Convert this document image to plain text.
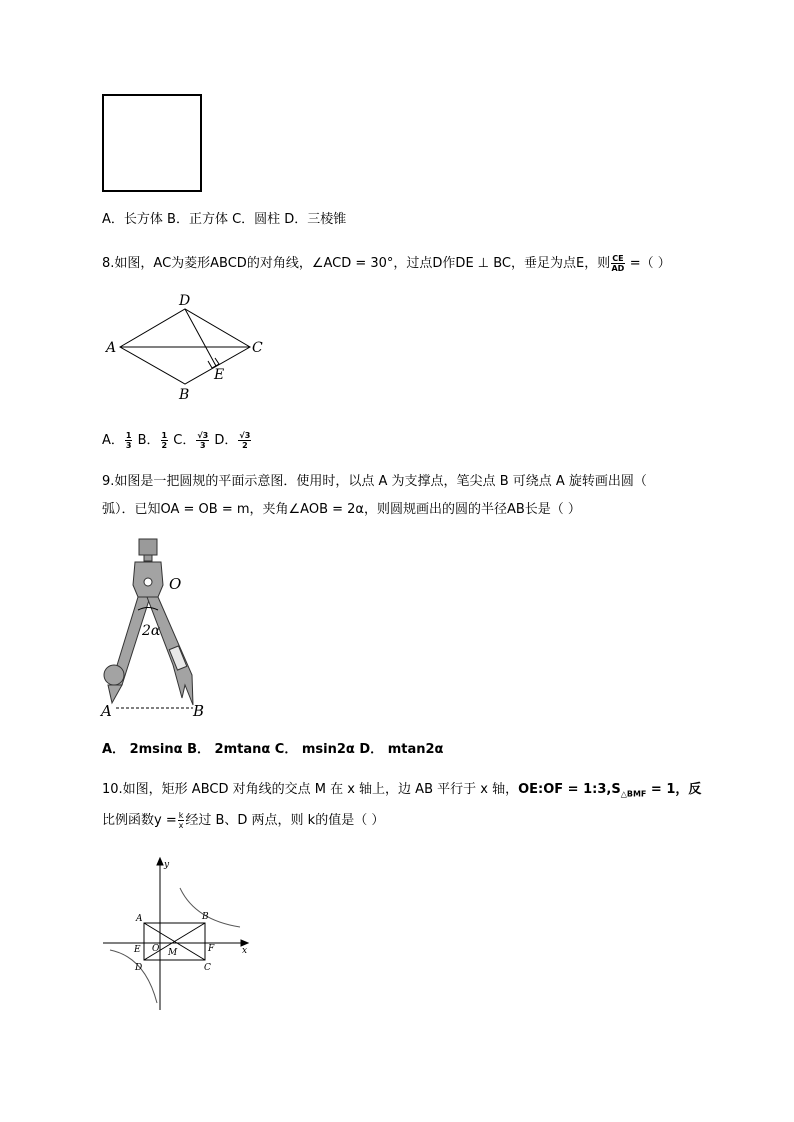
A．长方体 B．正方体 C．圆柱 D．三棱锥
8.如图，AC为菱形ABCD的对角线，∠ACD = 30°，过点D作DE ⊥ BC，垂足为点E，则 $\frac{CE}{AD}$ =（ ）
D
A	C
E
B
A． $\frac{1}{3}$ B． $\frac{1}{2}$ C． $\frac{√3}{3}$ D． $\frac{√3}{2}$
9.如图是一把圆规的平面示意图．使用时，以点 A 为支撑点，笔尖点 B 可绕点 A 旋转画出圆（
弧）．已知OA = OB = m，夹角∠AOB = 2α，则圆规画出的圆的半径AB长是（ ）
O
2α
A	B
A． 2msinα B． 2mtanα C． msin2α D． mtan2α
10.如图，矩形 ABCD 对角线的交点 M 在 x 轴上，边 AB 平行于 x 轴，OE:OF = $1:3,S_{\triangle BMF} = 1$，反
比例函数$y = \frac{k}{x}$ 经过 B、D 两点，则 k的值是（ ）
y
x
A	B
C
D
E	F
O M
